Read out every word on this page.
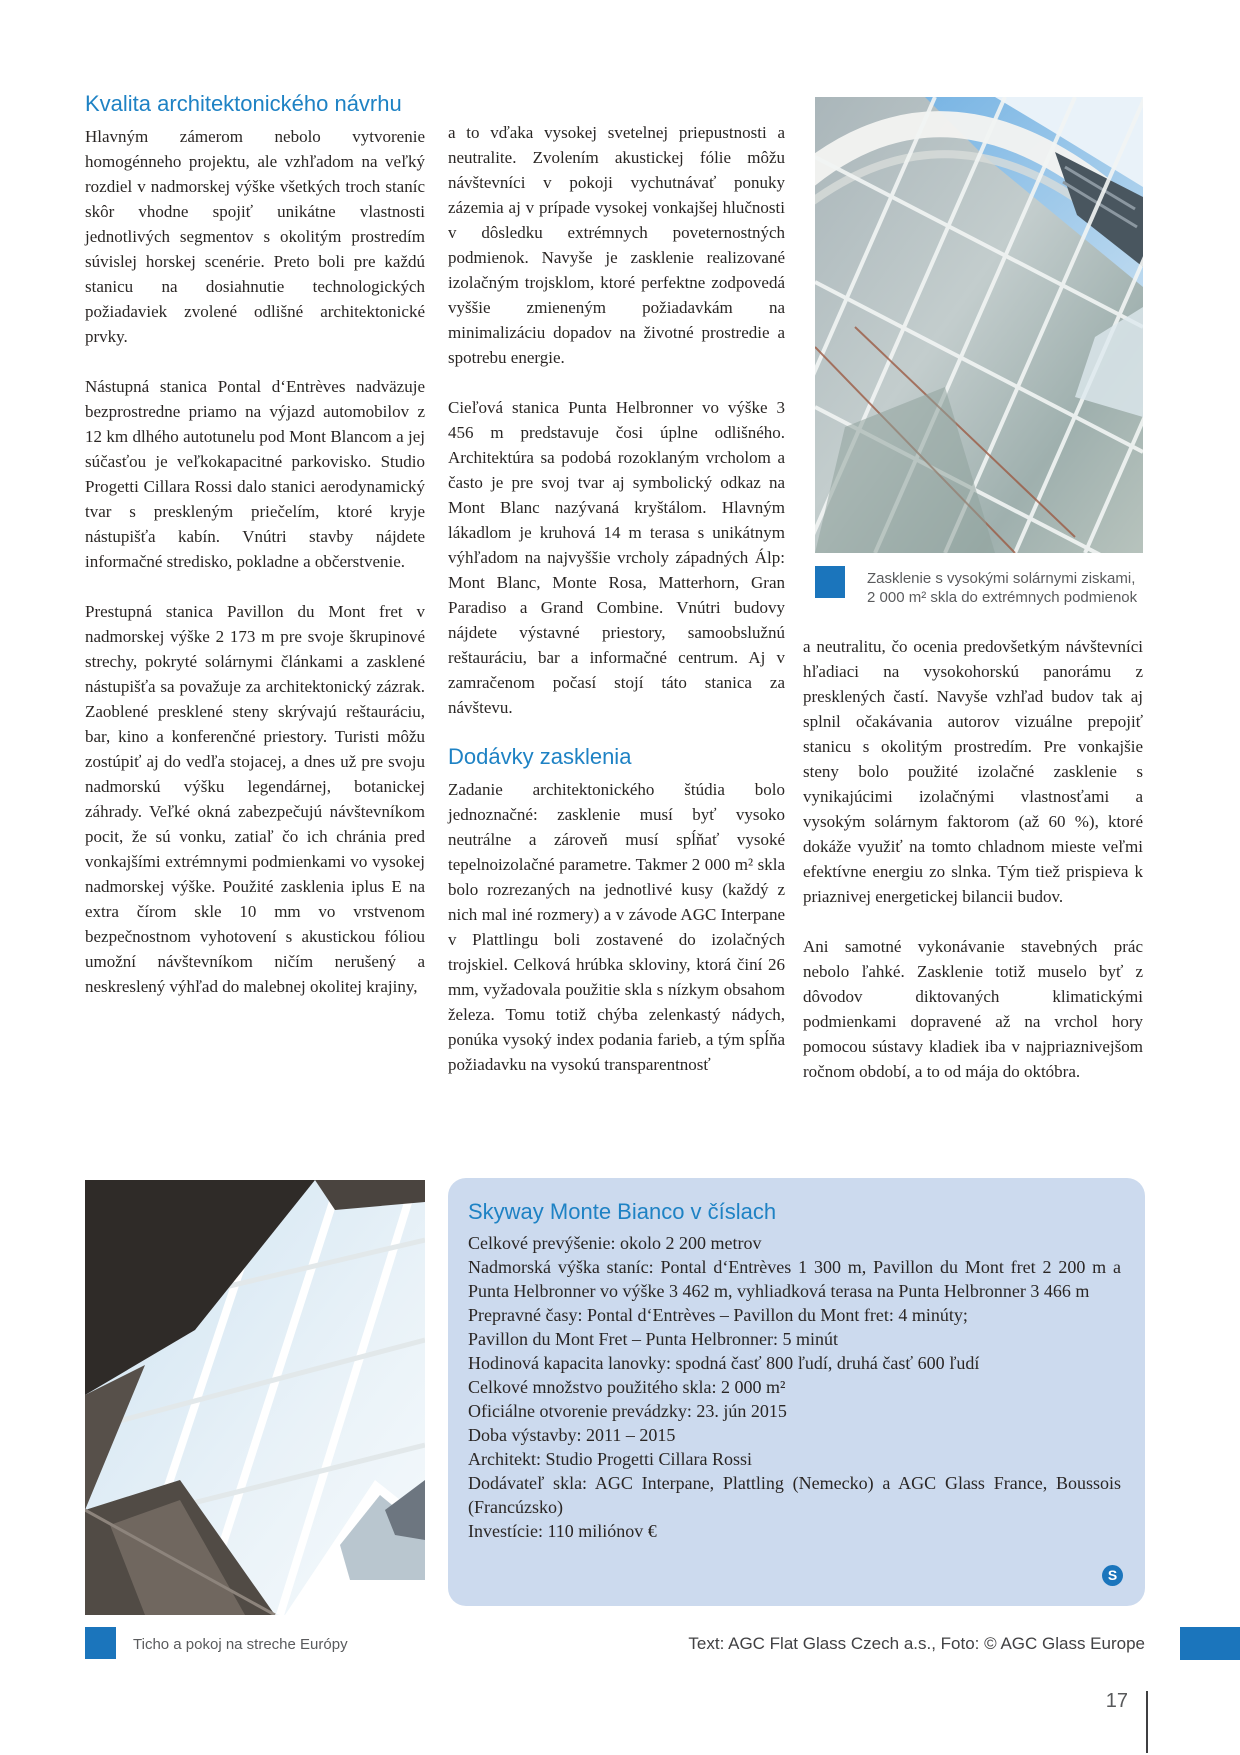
Kvalita architektonického návrhu

Hlavným zámerom nebolo vytvorenie homogénneho projektu, ale vzhľadom na veľký rozdiel v nadmorskej výške všetkých troch staníc skôr vhodne spojiť unikátne vlastnosti jednotlivých segmentov s okolitým prostredím súvislej horskej scenérie. Preto boli pre každú stanicu na dosiahnutie technologických požiadaviek zvolené odlišné architektonické prvky.

Nástupná stanica Pontal d‘Entrèves nadväzuje bezprostredne priamo na výjazd automobilov z 12 km dlhého autotunelu pod Mont Blancom a jej súčasťou je veľkokapacitné parkovisko. Studio Progetti Cillara Rossi dalo stanici aerodynamický tvar s preskleným priečelím, ktoré kryje nástupišťa kabín. Vnútri stavby nájdete informačné stredisko, pokladne a občerstvenie.

Prestupná stanica Pavillon du Mont fret v nadmorskej výške 2 173 m pre svoje škrupinové strechy, pokryté solárnymi článkami a zasklené nástupišťa sa považuje za architektonický zázrak. Zaoblené presklené steny skrývajú reštauráciu, bar, kino a konferenčné priestory. Turisti môžu zostúpiť aj do vedľa stojacej, a dnes už pre svoju nadmorskú výšku legendárnej, botanickej záhrady. Veľké okná zabezpečujú návštevníkom pocit, že sú vonku, zatiaľ čo ich chránia pred vonkajšími extrémnymi podmienkami vo vysokej nadmorskej výške. Použité zasklenia iplus E na extra čírom skle 10 mm vo vrstvenom bezpečnostnom vyhotovení s akustickou fóliou umožní návštevníkom ničím nerušený a neskreslený výhľad do malebnej okolitej krajiny,

a to vďaka vysokej svetelnej priepustnosti a neutralite. Zvolením akustickej fólie môžu návštevníci v pokoji vychutnávať ponuky zázemia aj v prípade vysokej vonkajšej hlučnosti v dôsledku extrémnych poveternostných podmienok. Navyše je zasklenie realizované izolačným trojsklom, ktoré perfektne zodpovedá vyššie zmieneným požiadavkám na minimalizáciu dopadov na životné prostredie a spotrebu energie.

Cieľová stanica Punta Helbronner vo výške 3 456 m predstavuje čosi úplne odlišného. Architektúra sa podobá rozoklaným vrcholom a často je pre svoj tvar aj symbolický odkaz na Mont Blanc nazývaná kryštálom. Hlavným lákadlom je kruhová 14 m terasa s unikátnym výhľadom na najvyššie vrcholy západných Álp: Mont Blanc, Monte Rosa, Matterhorn, Gran Paradiso a Grand Combine. Vnútri budovy nájdete výstavné priestory, samoobslužnú reštauráciu, bar a informačné centrum. Aj v zamračenom počasí stojí táto stanica za návštevu.

Dodávky zasklenia

Zadanie architektonického štúdia bolo jednoznačné: zasklenie musí byť vysoko neutrálne a zároveň musí spĺňať vysoké tepelnoizolačné parametre. Takmer 2 000 m² skla bolo rozrezaných na jednotlivé kusy (každý z nich mal iné rozmery) a v závode AGC Interpane v Plattlingu boli zostavené do izolačných trojskiel. Celková hrúbka skloviny, ktorá činí 26 mm, vyžadovala použitie skla s nízkym obsahom železa. Tomu totiž chýba zelenkastý nádych, ponúka vysoký index podania farieb, a tým spĺňa požiadavku na vysokú transparentnosť

a neutralitu, čo ocenia predovšetkým návštevníci hľadiaci na vysokohorskú panorámu z presklených častí. Navyše vzhľad budov tak aj splnil očakávania autorov vizuálne prepojiť stanicu s okolitým prostredím. Pre vonkajšie steny bolo použité izolačné zasklenie s vynikajúcimi izolačnými vlastnosťami a vysokým solárnym faktorom (až 60 %), ktoré dokáže využiť na tomto chladnom mieste veľmi efektívne energiu zo slnka. Tým tiež prispieva k priaznivej energetickej bilancii budov.

Ani samotné vykonávanie stavebných prác nebolo ľahké. Zasklenie totiž muselo byť z dôvodov diktovaných klimatickými podmienkami dopravené až na vrchol hory pomocou sústavy kladiek iba v najpriaznivejšom ročnom období, a to od mája do októbra.

Zasklenie s vysokými solárnymi ziskami,
2 000 m² skla do extrémnych podmienok
Skyway Monte Bianco v číslach

Celkové prevýšenie: okolo 2 200 metrov

Nadmorská výška staníc: Pontal d‘Entrèves 1 300 m, Pavillon du Mont fret 2 200 m a Punta Helbronner vo výške 3 462 m, vyhliadková terasa na Punta Helbronner 3 466 m

Prepravné časy: Pontal d‘Entrèves – Pavillon du Mont fret: 4 minúty;

Pavillon du Mont Fret – Punta Helbronner: 5 minút

Hodinová kapacita lanovky: spodná časť 800 ľudí, druhá časť 600 ľudí

Celkové množstvo použitého skla: 2 000 m²

Oficiálne otvorenie prevádzky: 23. jún 2015

Doba výstavby: 2011 – 2015

Architekt: Studio Progetti Cillara Rossi

Dodávateľ skla: AGC Interpane, Plattling (Nemecko) a AGC Glass France, Boussois (Francúzsko)

Investície: 110 miliónov €

S
Ticho a pokoj na streche Európy	Text: AGC Flat Glass Czech a.s., Foto: © AGC Glass Europe
17
